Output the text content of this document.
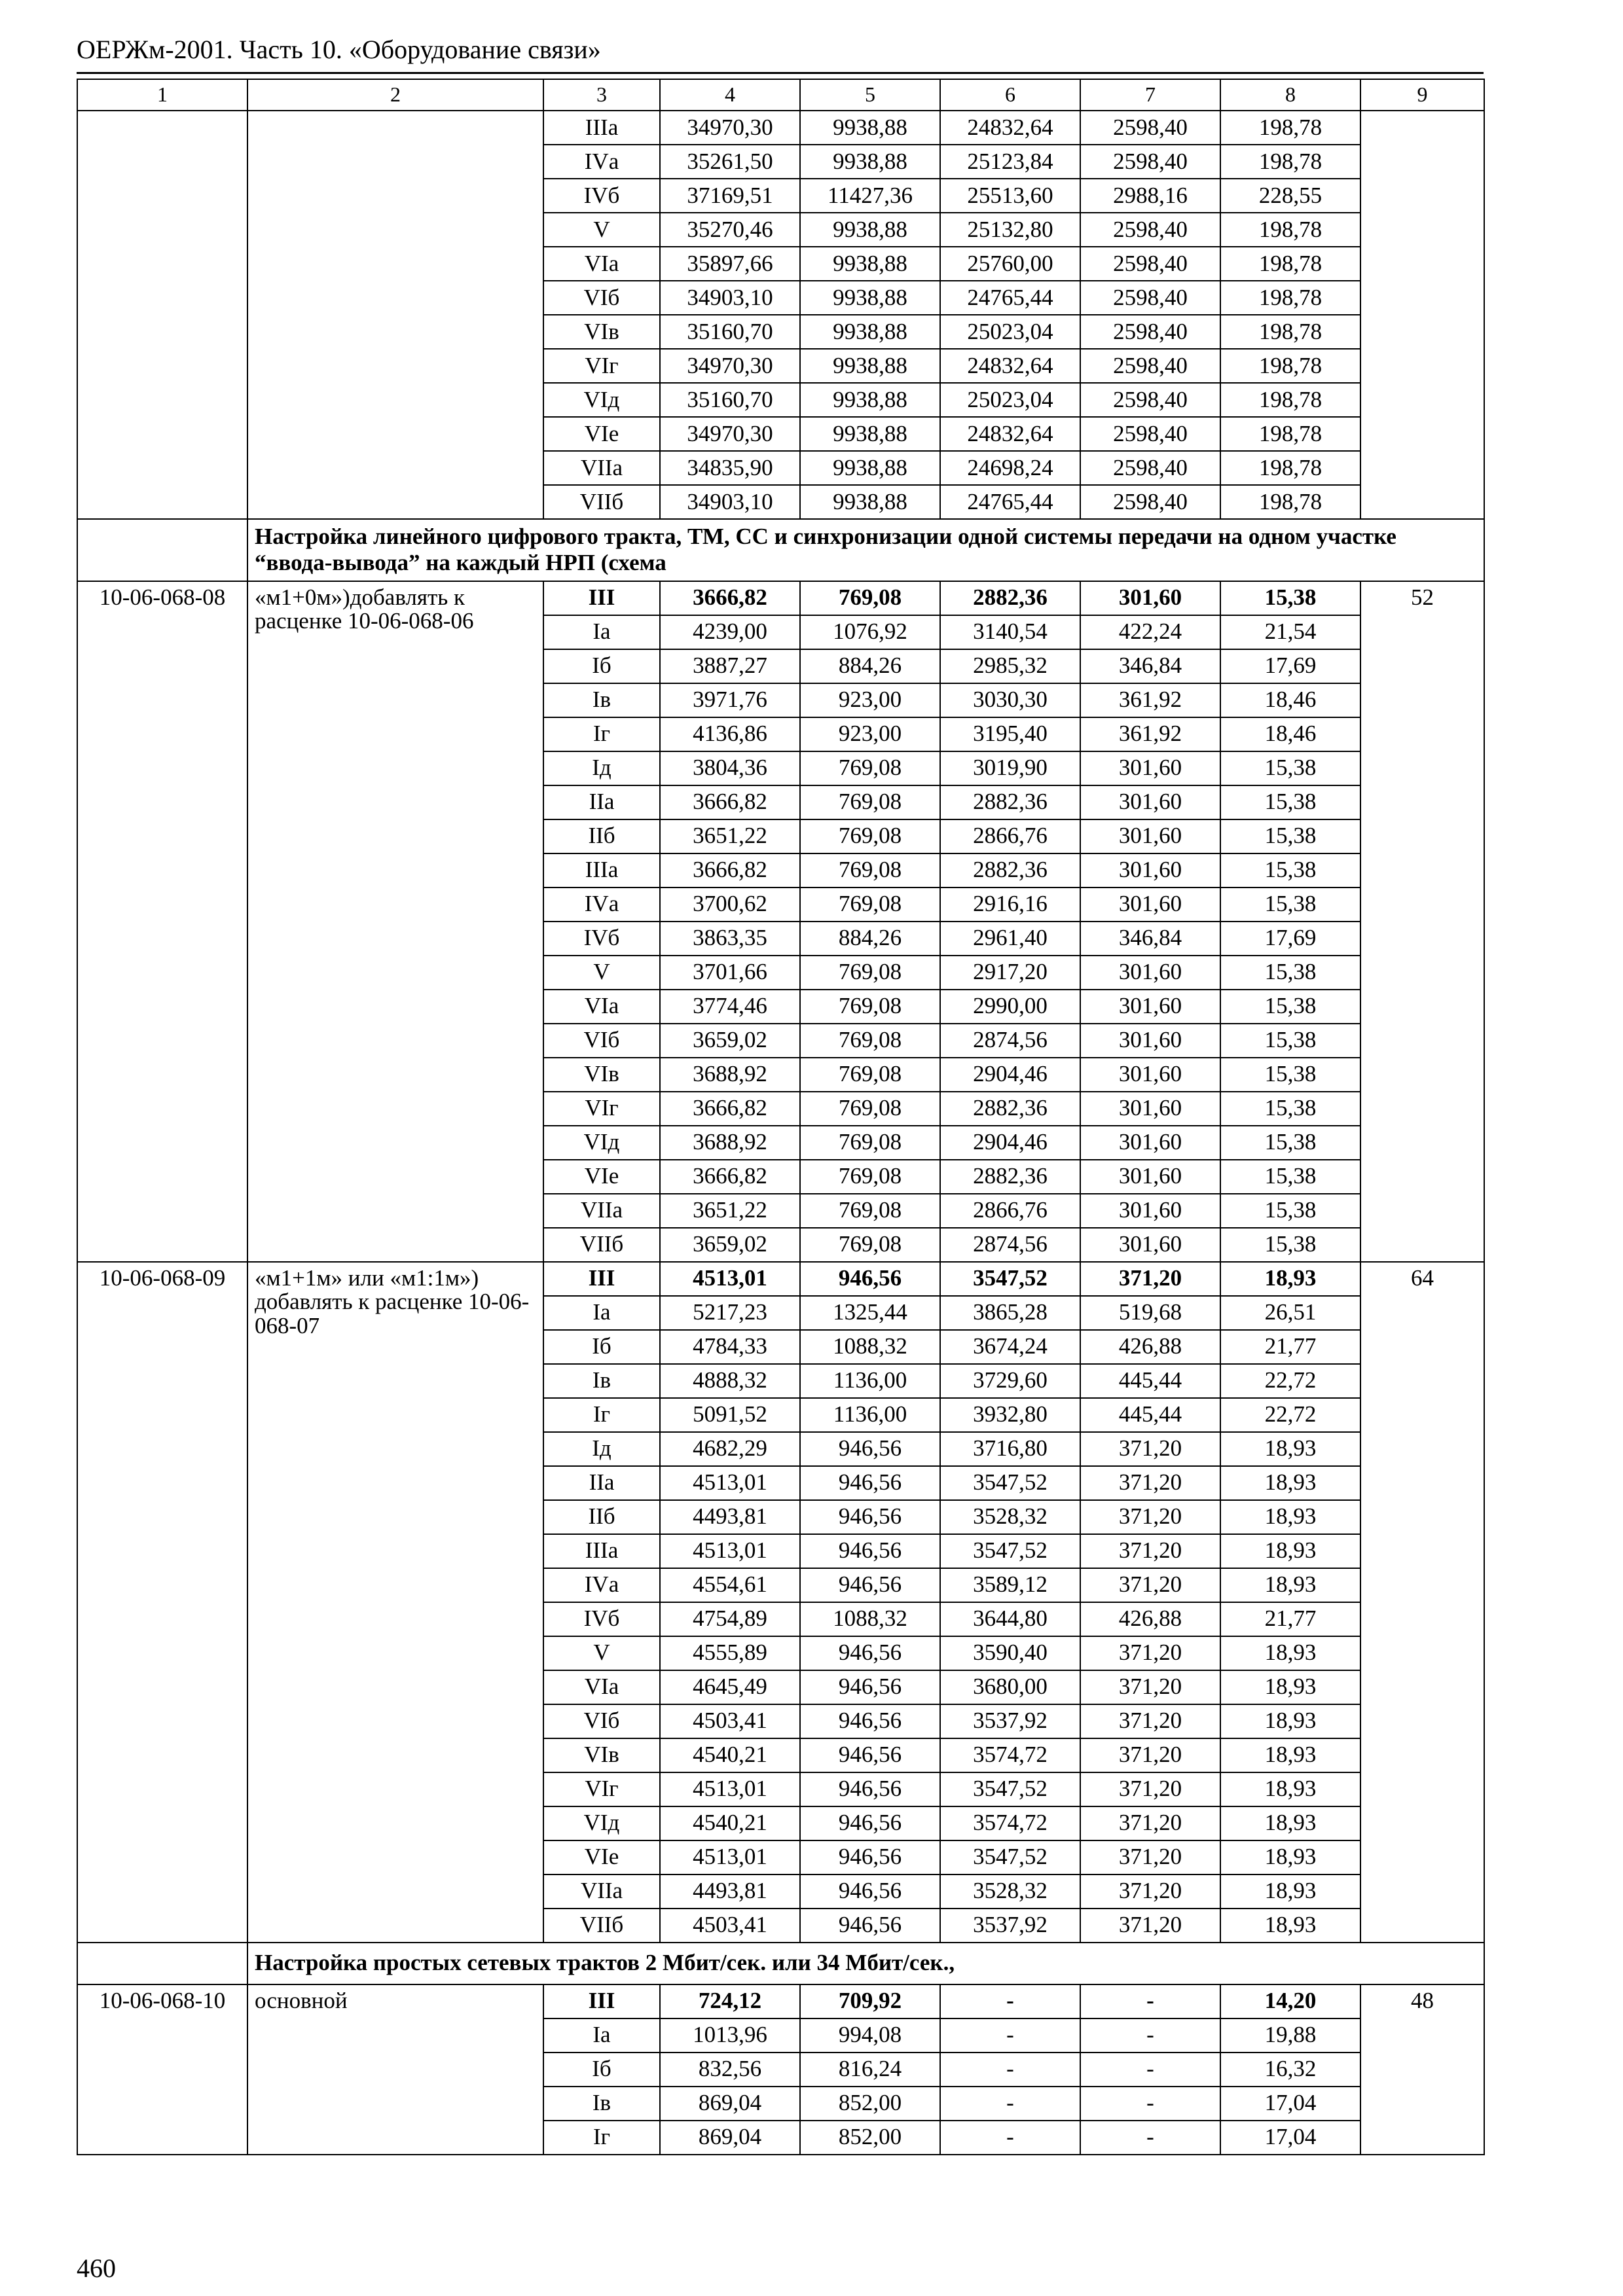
ОЕРЖм-2001. Часть 10. «Оборудование связи»
1	2	3	4	5	6	7	8	9
		IIIа	34970,30	9938,88	24832,64	2598,40	198,78	
		IVа	35261,50	9938,88	25123,84	2598,40	198,78	
		IVб	37169,51	11427,36	25513,60	2988,16	228,55	
		V	35270,46	9938,88	25132,80	2598,40	198,78	
		VIа	35897,66	9938,88	25760,00	2598,40	198,78	
		VIб	34903,10	9938,88	24765,44	2598,40	198,78	
		VIв	35160,70	9938,88	25023,04	2598,40	198,78	
		VIг	34970,30	9938,88	24832,64	2598,40	198,78	
		VIд	35160,70	9938,88	25023,04	2598,40	198,78	
		VIе	34970,30	9938,88	24832,64	2598,40	198,78	
		VIIа	34835,90	9938,88	24698,24	2598,40	198,78	
		VIIб	34903,10	9938,88	24765,44	2598,40	198,78	
	Настройка линейного цифрового тракта, ТМ, СС и синхронизации одной системы передачи на одном участке “ввода-вывода” на каждый НРП (схема							
10-06-068-08	«м1+0м»)добавлять к расценке 10-06-068-06	III	3666,82	769,08	2882,36	301,60	15,38	52
		Iа	4239,00	1076,92	3140,54	422,24	21,54	
		Iб	3887,27	884,26	2985,32	346,84	17,69	
		Iв	3971,76	923,00	3030,30	361,92	18,46	
		Iг	4136,86	923,00	3195,40	361,92	18,46	
		Iд	3804,36	769,08	3019,90	301,60	15,38	
		IIа	3666,82	769,08	2882,36	301,60	15,38	
		IIб	3651,22	769,08	2866,76	301,60	15,38	
		IIIа	3666,82	769,08	2882,36	301,60	15,38	
		IVа	3700,62	769,08	2916,16	301,60	15,38	
		IVб	3863,35	884,26	2961,40	346,84	17,69	
		V	3701,66	769,08	2917,20	301,60	15,38	
		VIа	3774,46	769,08	2990,00	301,60	15,38	
		VIб	3659,02	769,08	2874,56	301,60	15,38	
		VIв	3688,92	769,08	2904,46	301,60	15,38	
		VIг	3666,82	769,08	2882,36	301,60	15,38	
		VIд	3688,92	769,08	2904,46	301,60	15,38	
		VIе	3666,82	769,08	2882,36	301,60	15,38	
		VIIа	3651,22	769,08	2866,76	301,60	15,38	
		VIIб	3659,02	769,08	2874,56	301,60	15,38	
10-06-068-09	«м1+1м» или «м1:1м») добавлять к расценке 10-06-068-07	III	4513,01	946,56	3547,52	371,20	18,93	64
		Iа	5217,23	1325,44	3865,28	519,68	26,51	
		Iб	4784,33	1088,32	3674,24	426,88	21,77	
		Iв	4888,32	1136,00	3729,60	445,44	22,72	
		Iг	5091,52	1136,00	3932,80	445,44	22,72	
		Iд	4682,29	946,56	3716,80	371,20	18,93	
		IIа	4513,01	946,56	3547,52	371,20	18,93	
		IIб	4493,81	946,56	3528,32	371,20	18,93	
		IIIа	4513,01	946,56	3547,52	371,20	18,93	
		IVа	4554,61	946,56	3589,12	371,20	18,93	
		IVб	4754,89	1088,32	3644,80	426,88	21,77	
		V	4555,89	946,56	3590,40	371,20	18,93	
		VIа	4645,49	946,56	3680,00	371,20	18,93	
		VIб	4503,41	946,56	3537,92	371,20	18,93	
		VIв	4540,21	946,56	3574,72	371,20	18,93	
		VIг	4513,01	946,56	3547,52	371,20	18,93	
		VIд	4540,21	946,56	3574,72	371,20	18,93	
		VIе	4513,01	946,56	3547,52	371,20	18,93	
		VIIа	4493,81	946,56	3528,32	371,20	18,93	
		VIIб	4503,41	946,56	3537,92	371,20	18,93	
	Настройка простых сетевых трактов 2 Мбит/сек. или 34 Мбит/сек.,							
10-06-068-10	основной	III	724,12	709,92	-	-	14,20	48
		Iа	1013,96	994,08	-	-	19,88	
		Iб	832,56	816,24	-	-	16,32	
		Iв	869,04	852,00	-	-	17,04	
		Iг	869,04	852,00	-	-	17,04	
460
